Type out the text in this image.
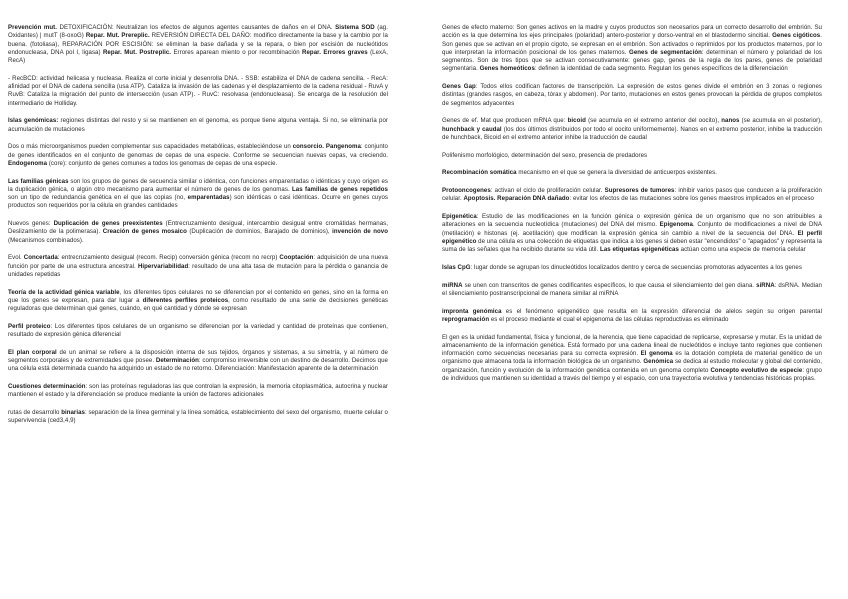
Prevención mut. DETOXIFICACIÓN: Neutralizan los efectos de algunos agentes causantes de daños en el DNA. Sistema SOD (ag. Oxidantes) | mutT (8-oxoG) Repar. Mut. Prereplic. REVERSIÓN DIRECTA DEL DAÑO: modifico directamente la base y la cambio por la buena. (fotoliasa), REPARACIÓN POR ESCISIÓN: se eliminan la base dañada y se la repara, o bien por escisión de nucleótidos endonucleasa, DNA pol I, ligasa) Repar. Mut. Postreplic. Errores aparean miento o por recombinación Repar. Errores graves (LexA, RecA)

- RecBCD: actividad helicasa y nucleasa. Realiza el corte inicial y desenrolla DNA. - SSB: estabiliza el DNA de cadena sencilla. - RecA: afinidad por el DNA de cadena sencilla (usa ATP). Cataliza la invasión de las cadenas y el desplazamiento de la cadena residual - RuvA y RuvB: Cataliza la migración del punto de intersección (usan ATP). - RuvC: resolvasa (endonucleasa). Se encarga de la resolución del intermediario de Holliday.

Islas genómicas: regiones distintas del resto y si se mantienen en el genoma, es porque tiene alguna ventaja. Si no, se eliminaría por acumulación de mutaciones

Dos o más microorganismos pueden complementar sus capacidades metabólicas, estableciéndose un consorcio. Pangenoma: conjunto de genes identificados en el conjunto de genomas de cepas de una especie. Conforme se secuencian nuevas cepas, va creciendo. Endogenoma (core): conjunto de genes comunes a todos los genomas de cepas de una especie.

Las familias génicas son los grupos de genes de secuencia similar o idéntica, con funciones emparentadas o idénticas y cuyo origen es la duplicación génica, o algún otro mecanismo para aumentar el número de genes de los genomas. Las familias de genes repetidos son un tipo de redundancia genética en el que las copias (no, emparentadas) son idénticas o casi idénticas. Ocurre en genes cuyos productos son requeridos por la célula en grandes cantidades

Nuevos genes: Duplicación de genes preexistentes (Entrecruzamiento desigual, intercambio desigual entre cromátidas hermanas, Deslizamiento de la polimerasa). Creación de genes mosaico (Duplicación de dominios, Barajado de dominios), invención de novo (Mecanismos combinados).

Evol. Concertada: entrecruzamiento desigual (recom. Recip) conversión génica (recom no recrp) Cooptación: adquisición de una nueva función por parte de una estructura ancestral. Hipervariabilidad: resultado de una alta tasa de mutación para la pérdida o ganancia de unidades repetidas

Teoría de la actividad génica variable, los diferentes tipos celulares no se diferencian por el contenido en genes, sino en la forma en que los genes se expresan, para dar lugar a diferentes perfiles proteicos, como resultado de una serie de decisiones genéticas reguladoras que determinan qué genes, cuándo, en qué cantidad y dónde se expresan

Perfil proteico: Los diferentes tipos celulares de un organismo se diferencian por la variedad y cantidad de proteínas que contienen, resultado de expresión génica diferencial

El plan corporal de un animal se refiere a la disposición interna de sus tejidos, órganos y sistemas, a su simetría, y al número de segmentos corporales y de extremidades que posee. Determinación: compromiso irreversible con un destino de desarrollo. Decimos que una célula está determinada cuando ha adquirido un estado de no retorno. Diferenciación: Manifestación aparente de la determinación

Cuestiones determinación: son las proteínas reguladoras las que controlan la expresión, la memoria citoplasmática, autocrina y nuclear mantienen el estado y la diferenciación se produce mediante la unión de factores adicionales

rutas de desarrollo binarias: separación de la línea germinal y la línea somática, establecimiento del sexo del organismo, muerte celular o supervivencia (ced3,4,9)

Genes de efecto materno: Son genes activos en la madre y cuyos productos son necesarios para un correcto desarrollo del embrión. Su acción es la que determina los ejes principales (polaridad) antero-posterior y dorso-ventral en el blastodermo sincitial. Genes cigóticos. Son genes que se activan en el propio cigoto, se expresan en el embrión. Son activados o reprimidos por los productos maternos, por lo que interpretan la información posicional de los genes maternos. Genes de segmentación: determinan el número y polaridad de los segmentos. Son de tres tipos que se activan consecutivamente: genes gap, genes de la regla de los pares, genes de polaridad segmentaria. Genes homeóticos: definen la identidad de cada segmento. Regulan los genes específicos de la diferenciación

Genes Gap: Todos ellos codifican factores de transcripción. La expresión de estos genes divide el embrión en 3 zonas o regiones distintas (grandes rasgos, en cabeza, tórax y abdomen). Por tanto, mutaciones en estos genes provocan la pérdida de grupos completos de segmentos adyacentes

Genes de ef. Mat que producen mRNA que: bicoid (se acumula en el extremo anterior del oocito), nanos (se acumula en el posterior), hunchback y caudal (los dos últimos distribuidos por todo el oocito uniformemente). Nanos en el extremo posterior, inhibe la traducción de hunchback, Bicoid en el extremo anterior inhibe la traducción de caudal

Polifenismo morfológico, determinación del sexo, presencia de predadores

Recombinación somática mecanismo en el que se genera la diversidad de anticuerpos existentes.

Protooncogenes: activan el ciclo de proliferación celular. Supresores de tumores: inhibir varios pasos que conducen a la proliferación celular. Apoptosis. Reparación DNA dañado: evitar los efectos de las mutaciones sobre los genes maestros implicados en el proceso

Epigenética: Estudio de las modificaciones en la función génica o expresión génica de un organismo que no son atribuibles a alteraciones en la secuencia nucleotídica (mutaciones) del DNA del mismo. Epigenoma. Conjunto de modificaciones a nivel de DNA (metilación) e histonas (ej. acetilación) que modifican la expresión génica sin cambio a nivel de la secuencia del DNA. El perfil epigenético de una célula es una colección de etiquetas que indica a los genes si deben estar "encendidos" o "apagados" y representa la suma de las señales que ha recibido durante su vida útil. Las etiquetas epigenéticas actúan como una especie de memoria celular

Islas CpG: lugar donde se agrupan los dinucleótidos localizados dentro y cerca de secuencias promotoras adyacentes a los genes

miRNA se unen con transcritos de genes codificantes específicos, lo que causa el silenciamiento del gen diana. siRNA: dsRNA. Median el silenciamiento postranscripcional de manera similar al miRNA

impronta genómica es el fenómeno epigenético que resulta en la expresión diferencial de alelos según su origen parental reprogramación es el proceso mediante el cual el epigenoma de las células reproductivas es eliminado

El gen es la unidad fundamental, física y funcional, de la herencia, que tiene capacidad de replicarse, expresarse y mutar. Es la unidad de almacenamiento de la información genética. Está formado por una cadena lineal de nucleótidos e incluye tanto regiones que contienen información como secuencias necesarias para su correcta expresión. El genoma es la dotación completa de material genético de un organismo que almacena toda la información biológica de un organismo. Genómica se dedica al estudio molecular y global del contenido, organización, función y evolución de la información genética contenida en un genoma completo Concepto evolutivo de especie: grupo de individuos que mantienen su identidad a través del tiempo y el espacio, con una trayectoria evolutiva y tendencias históricas propias.
